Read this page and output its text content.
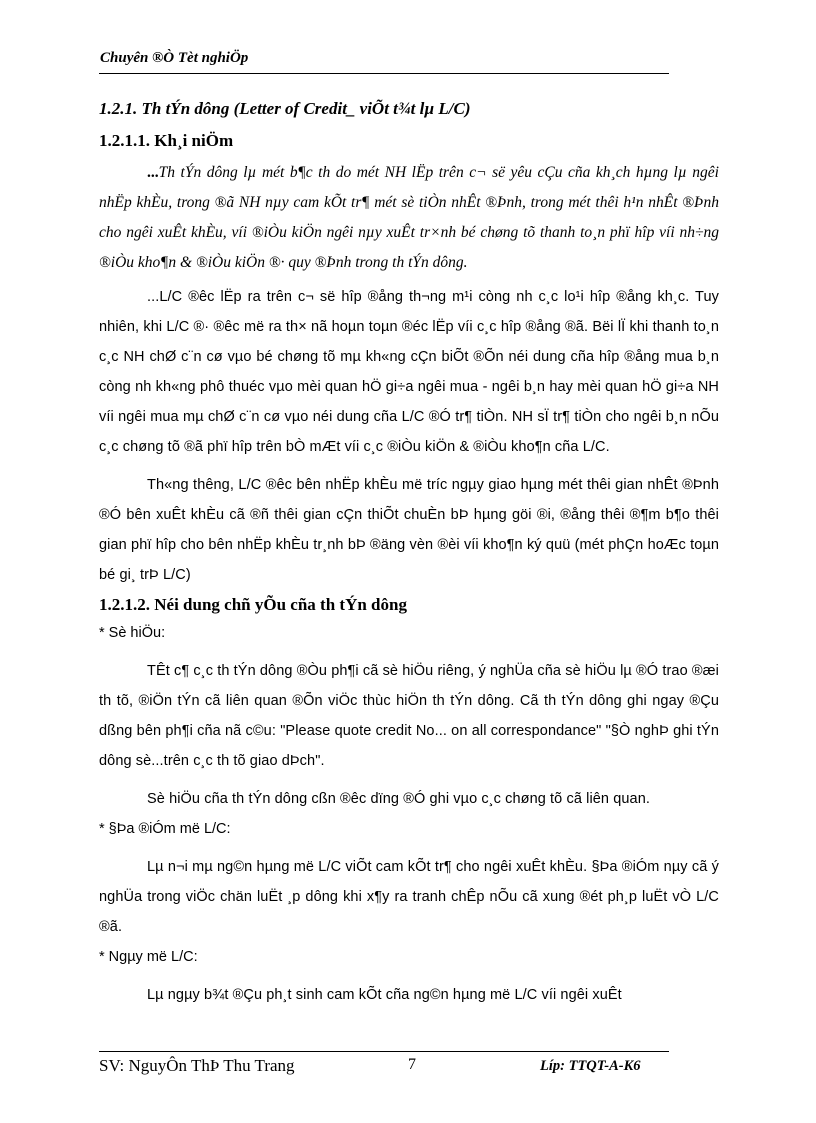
Chuyên ®Ò Tèt nghiÖp
1.2.1. Th tÝn dông (Letter of Credit_ viÕt t¾t lµ L/C)
1.2.1.1. Kh¸i niÖm

...Th tÝn dông lµ mét b¶c th do mét NH lËp trên c¬ së yêu cÇu cña kh¸ch hµng lµ ngêi nhËp khÈu, trong ®ã NH nµy cam kÕt tr¶ mét sè tiÒn nhÊt ®Þnh, trong mét thêi h¹n nhÊt ®Þnh cho ngêi xuÊt khÈu, víi ®iÒu kiÖn ngêi nµy xuÊt tr×nh bé chøng tõ thanh to¸n phï hîp víi nh÷ng ®iÒu kho¶n & ®iÒu kiÖn ®· quy ®Þnh trong th tÝn dông.

...L/C ®êc lËp ra trên c¬ së hîp ®ång th¬ng m¹i còng nh c¸c lo¹i hîp ®ång kh¸c. Tuy nhiên, khi L/C ®· ®êc më ra th× nã hoµn toµn ®éc lËp víi c¸c hîp ®ång ®ã. Bëi lÏ khi thanh to¸n c¸c NH chØ c¨n cø vµo bé chøng tõ mµ kh«ng cÇn biÕt ®Õn néi dung cña hîp ®ång mua b¸n còng nh kh«ng phô thuéc vµo mèi quan hÖ gi÷a ngêi mua - ngêi b¸n hay mèi quan hÖ gi÷a NH víi ngêi mua mµ chØ c¨n cø vµo néi dung cña L/C ®Ó tr¶ tiÒn. NH sÏ tr¶ tiÒn cho ngêi b¸n nÕu c¸c chøng tõ ®ã phï hîp trên bÒ mÆt víi c¸c ®iÒu kiÖn & ®iÒu kho¶n cña L/C.

Th«ng thêng, L/C ®êc bên nhËp khÈu më tríc ngµy giao hµng mét thêi gian nhÊt ®Þnh ®Ó bên xuÊt khÈu cã ®ñ thêi gian cÇn thiÕt chuÈn bÞ hµng göi ®i, ®ång thêi ®¶m b¶o thêi gian phï hîp cho bên nhËp khÈu tr¸nh bÞ ®äng vèn ®èi víi kho¶n ký quü (mét phÇn hoÆc toµn bé gi¸ trÞ L/C)

1.2.1.2. Néi dung chñ yÕu cña th tÝn dông
* Sè hiÖu:

TÊt c¶ c¸c th tÝn dông ®Òu ph¶i cã sè hiÖu riêng, ý nghÜa cña sè hiÖu lµ ®Ó trao ®æi th tõ, ®iÖn tÝn cã liên quan ®Õn viÖc thùc hiÖn th tÝn dông. Cã th tÝn dông ghi ngay ®Çu dßng bên ph¶i cña nã c©u: "Please quote credit No... on all correspondance" "§Ò nghÞ ghi tÝn dông sè...trên c¸c th tõ giao dÞch".

Sè hiÖu cña th tÝn dông cßn ®êc dïng ®Ó ghi vµo c¸c chøng tõ cã liên quan.

* §Þa ®iÓm më L/C:

Lµ n¬i mµ ng©n hµng më L/C viÕt cam kÕt tr¶ cho ngêi xuÊt khÈu. §Þa ®iÓm nµy cã ý nghÜa trong viÖc chän luËt ¸p dông khi x¶y ra tranh chÊp nÕu cã xung ®ét ph¸p luËt vÒ L/C ®ã.

* Ngµy më L/C:

Lµ ngµy b¾t ®Çu ph¸t sinh cam kÕt cña ng©n hµng më L/C víi ngêi xuÊt

SV: NguyÔn ThÞ Thu Trang	7	Líp: TTQT-A-K6
